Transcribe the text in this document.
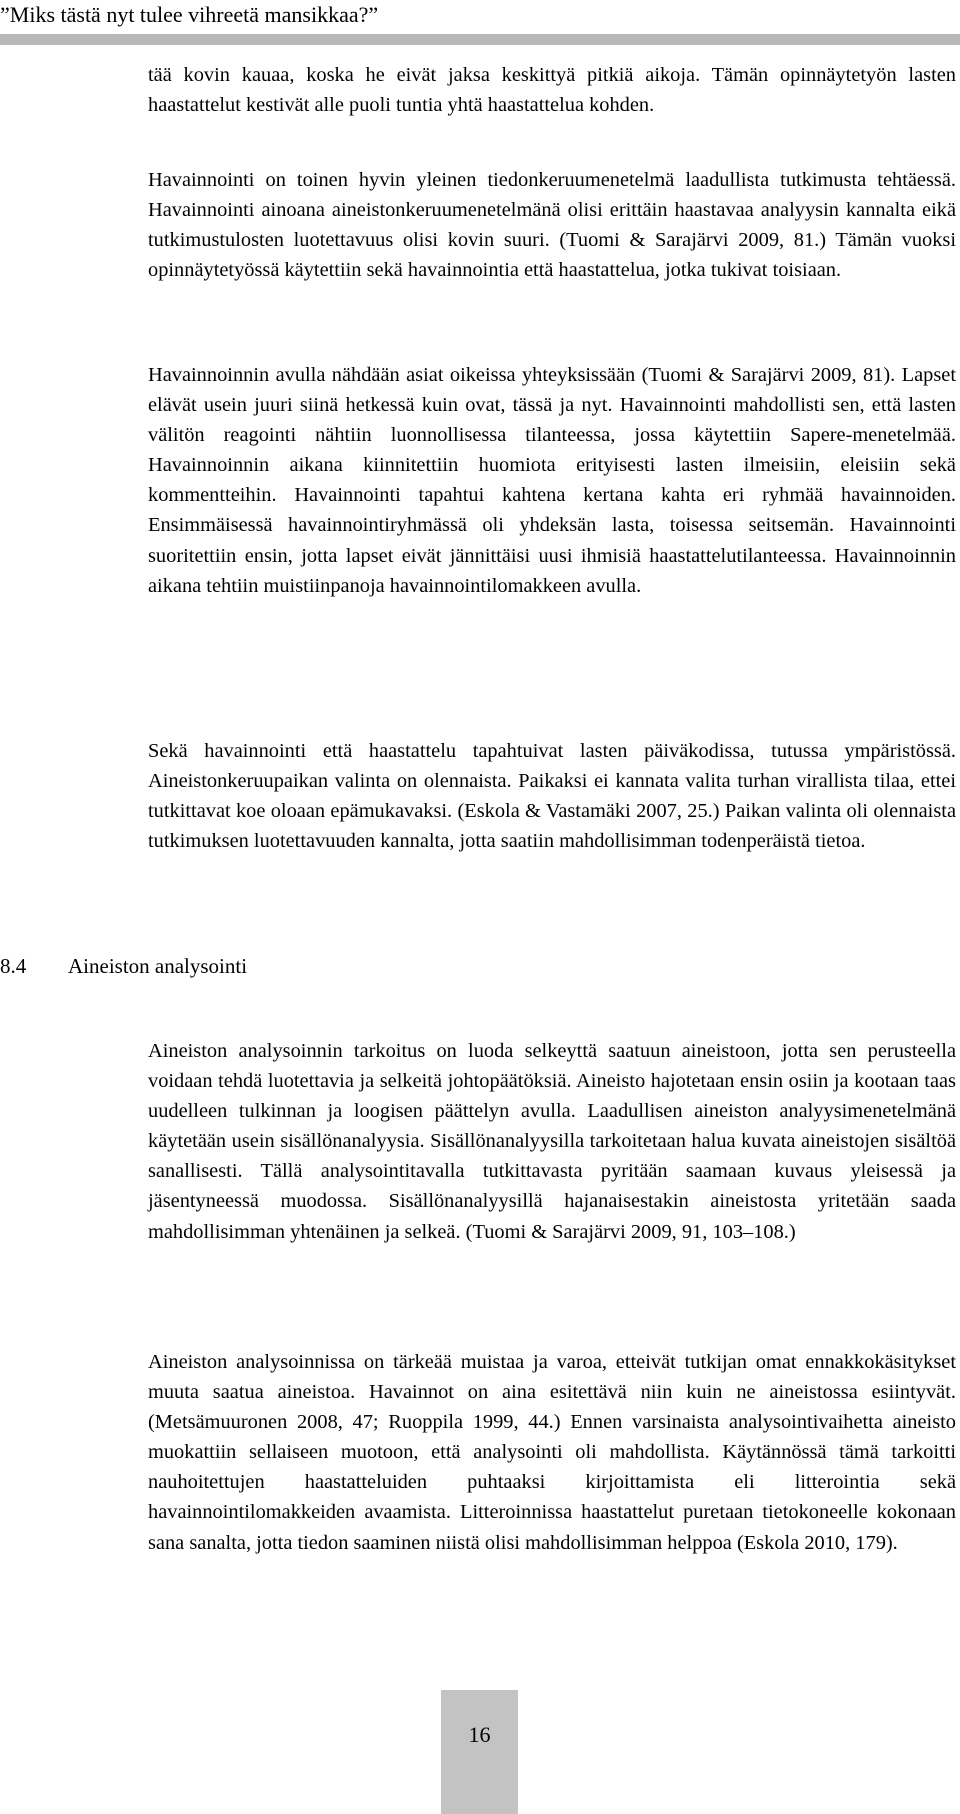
”Miks tästä nyt tulee vihreetä mansikkaa?”

tää kovin kauaa, koska he eivät jaksa keskittyä pitkiä aikoja. Tämän opinnäytetyön lasten haastattelut kestivät alle puoli tuntia yhtä haastattelua kohden.

Havainnointi on toinen hyvin yleinen tiedonkeruumenetelmä laadullista tutkimusta tehtäessä. Havainnointi ainoana aineistonkeruumenetelmänä olisi erittäin haastavaa analyysin kannalta eikä tutkimustulosten luotettavuus olisi kovin suuri. (Tuomi & Sarajärvi 2009, 81.) Tämän vuoksi opinnäytetyössä käytettiin sekä havainnointia että haastattelua, jotka tukivat toisiaan.

Havainnoinnin avulla nähdään asiat oikeissa yhteyksissään (Tuomi & Sarajärvi 2009, 81). Lapset elävät usein juuri siinä hetkessä kuin ovat, tässä ja nyt. Havainnointi mahdollisti sen, että lasten välitön reagointi nähtiin luonnollisessa tilanteessa, jossa käytettiin Sapere-menetelmää. Havainnoinnin aikana kiinnitettiin huomiota erityisesti lasten ilmeisiin, eleisiin sekä kommentteihin. Havainnointi tapahtui kahtena kertana kahta eri ryhmää havainnoiden. Ensimmäisessä havainnointiryhmässä oli yhdeksän lasta, toisessa seitsemän. Havainnointi suoritettiin ensin, jotta lapset eivät jännittäisi uusi ihmisiä haastattelutilanteessa. Havainnoinnin aikana tehtiin muistiinpanoja havainnointilomakkeen avulla.

Sekä havainnointi että haastattelu tapahtuivat lasten päiväkodissa, tutussa ympäristössä. Aineistonkeruupaikan valinta on olennaista. Paikaksi ei kannata valita turhan virallista tilaa, ettei tutkittavat koe oloaan epämukavaksi. (Eskola & Vastamäki 2007, 25.) Paikan valinta oli olennaista tutkimuksen luotettavuuden kannalta, jotta saatiin mahdollisimman todenperäistä tietoa.

8.4 Aineiston analysointi

Aineiston analysoinnin tarkoitus on luoda selkeyttä saatuun aineistoon, jotta sen perusteella voidaan tehdä luotettavia ja selkeitä johtopäätöksiä. Aineisto hajotetaan ensin osiin ja kootaan taas uudelleen tulkinnan ja loogisen päättelyn avulla. Laadullisen aineiston analyysimenetelmänä käytetään usein sisällönanalyysia. Sisällönanalyysilla tarkoitetaan halua kuvata aineistojen sisältöä sanallisesti. Tällä analysointitavalla tutkittavasta pyritään saamaan kuvaus yleisessä ja jäsentyneessä muodossa. Sisällönanalyysillä hajanaisestakin aineistosta yritetään saada mahdollisimman yhtenäinen ja selkeä. (Tuomi & Sarajärvi 2009, 91, 103–108.)

Aineiston analysoinnissa on tärkeää muistaa ja varoa, etteivät tutkijan omat ennakkokäsitykset muuta saatua aineistoa. Havainnot on aina esitettävä niin kuin ne aineistossa esiintyvät. (Metsämuuronen 2008, 47; Ruoppila 1999, 44.) Ennen varsinaista analysointivaihetta aineisto muokattiin sellaiseen muotoon, että analysointi oli mahdollista. Käytännössä tämä tarkoitti nauhoitettujen haastatteluiden puhtaaksi kirjoittamista eli litterointia sekä havainnointilomakkeiden avaamista. Litteroinnissa haastattelut puretaan tietokoneelle kokonaan sana sanalta, jotta tiedon saaminen niistä olisi mahdollisimman helppoa (Eskola 2010, 179).

16
